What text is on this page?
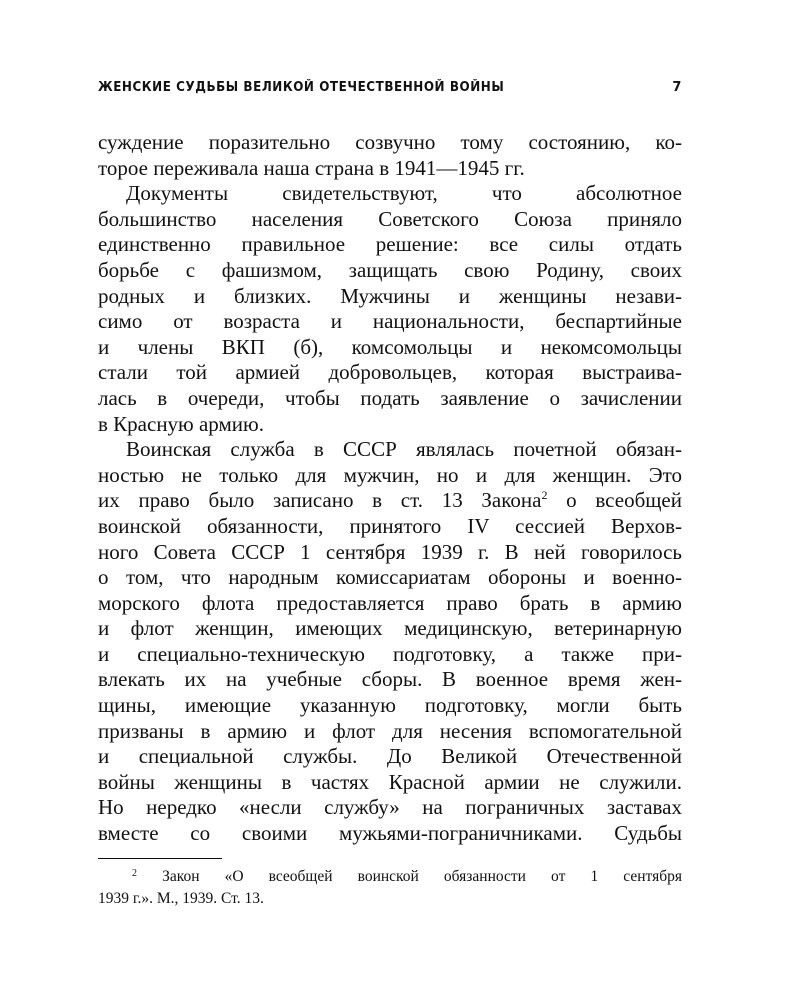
ЖЕНСКИЕ СУДЬБЫ ВЕЛИКОЙ ОТЕЧЕСТВЕННОЙ ВОЙНЫ	7
суждение поразительно созвучно тому состоянию, ко-
торое переживала наша страна в 1941—1945 гг.
Документы свидетельствуют, что абсолютное
большинство населения Советского Союза приняло
единственно правильное решение: все силы отдать
борьбе с фашизмом, защищать свою Родину, своих
родных и близких. Мужчины и женщины незави-
симо от возраста и национальности, беспартийные
и члены ВКП (б), комсомольцы и некомсомольцы
стали той армией добровольцев, которая выстраива-
лась в очереди, чтобы подать заявление о зачислении
в Красную армию.
Воинская служба в СССР являлась почетной обязан-
ностью не только для мужчин, но и для женщин. Это
их право было записано в ст. 13 Закона$^2$ о всеобщей
воинской обязанности, принятого IV сессией Верхов-
ного Совета СССР 1 сентября 1939 г. В ней говорилось
о том, что народным комиссариатам обороны и военно-
морского флота предоставляется право брать в армию
и флот женщин, имеющих медицинскую, ветеринарную
и специально-техническую подготовку, а также при-
влекать их на учебные сборы. В военное время жен-
щины, имеющие указанную подготовку, могли быть
призваны в армию и флот для несения вспомогательной
и специальной службы. До Великой Отечественной
войны женщины в частях Красной армии не служили.
Но нередко «несли службу» на пограничных заставах
вместе со своими мужьями-пограничниками. Судьбы
$^2$ Закон «О всеобщей воинской обязанности от 1 сентября
1939 г.». М., 1939. Ст. 13.
